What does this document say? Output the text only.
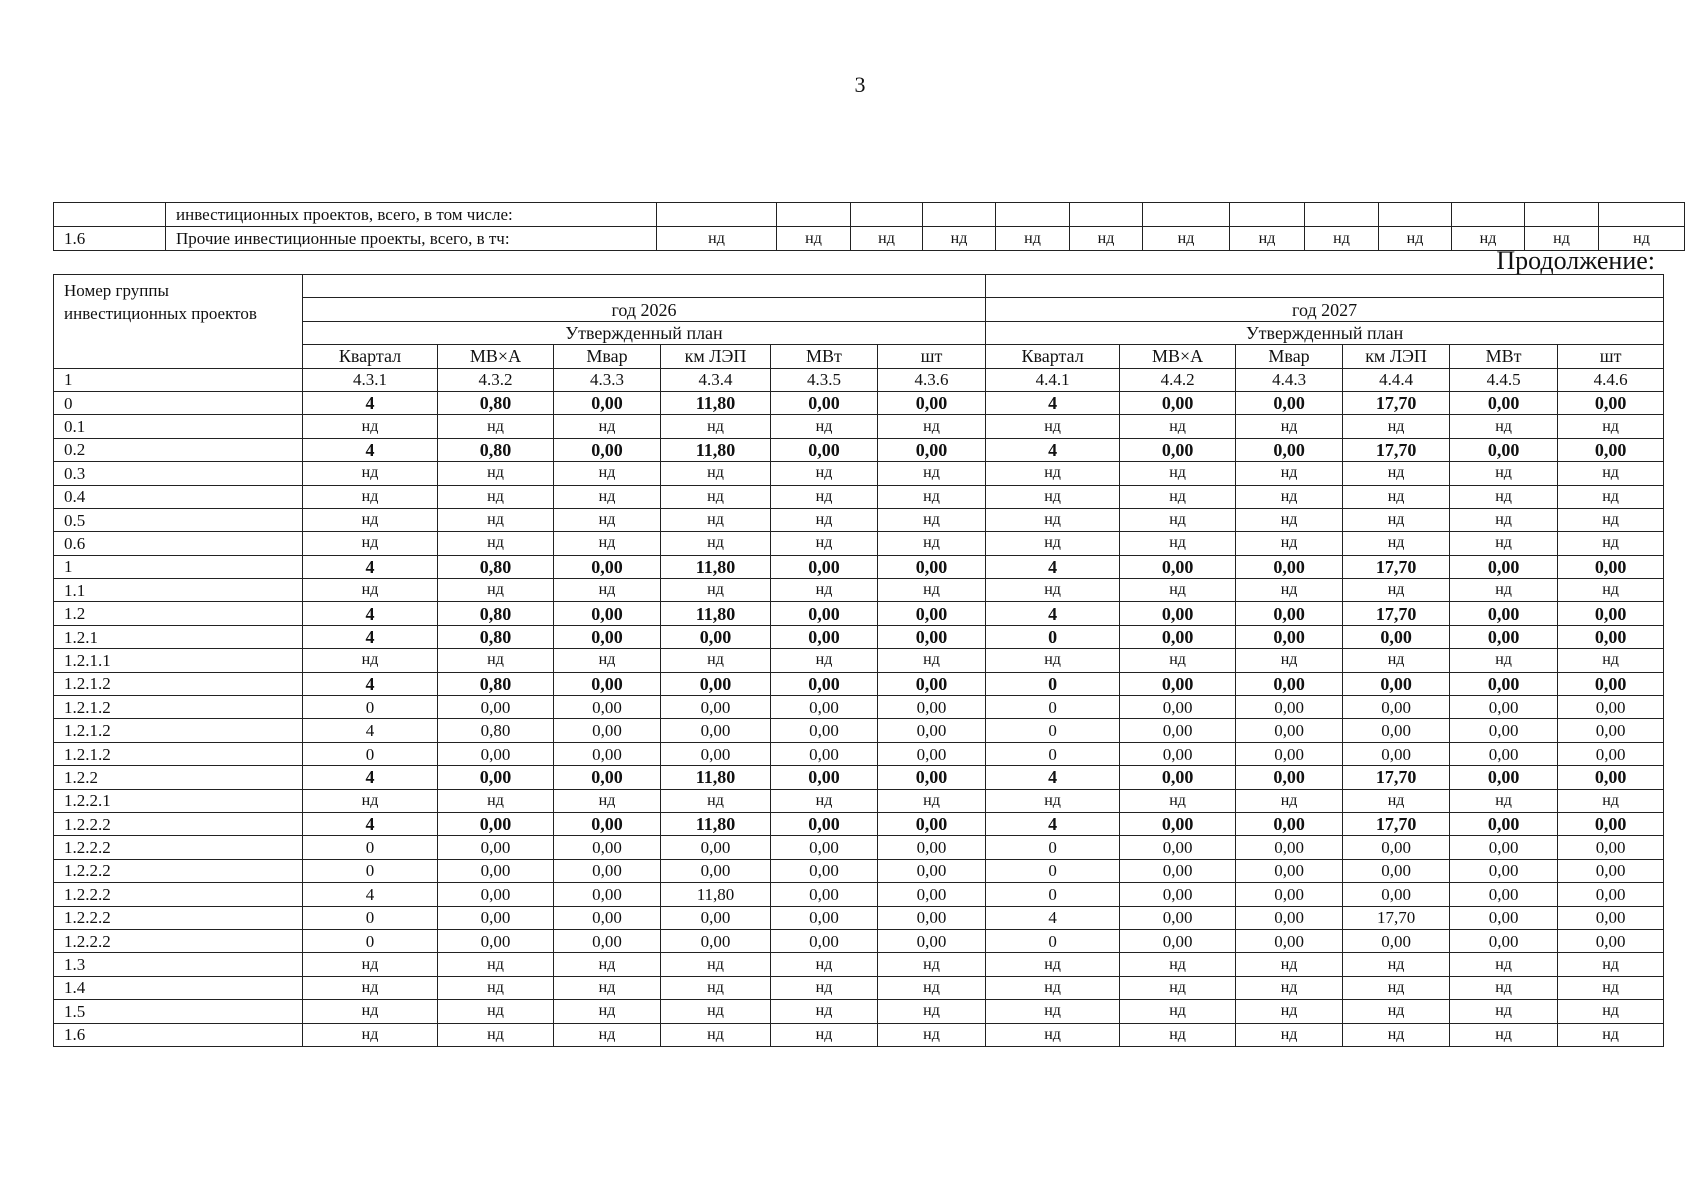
3
	инвестиционных проектов, всего, в том числе:													
1.6	Прочие инвестиционные проекты, всего, в тч:	нд	нд	нд	нд	нд	нд	нд	нд	нд	нд	нд	нд	нд
Продолжение:
Номер группы инвестиционных проектов												
	год 2026						год 2027					
	Утвержденный план						Утвержденный план					
	Квартал	МВ×А	Мвар	км ЛЭП	МВт	шт	Квартал	МВ×А	Мвар	км ЛЭП	МВт	шт
1	4.3.1	4.3.2	4.3.3	4.3.4	4.3.5	4.3.6	4.4.1	4.4.2	4.4.3	4.4.4	4.4.5	4.4.6
0	4	0,80	0,00	11,80	0,00	0,00	4	0,00	0,00	17,70	0,00	0,00
0.1	нд	нд	нд	нд	нд	нд	нд	нд	нд	нд	нд	нд
0.2	4	0,80	0,00	11,80	0,00	0,00	4	0,00	0,00	17,70	0,00	0,00
0.3	нд	нд	нд	нд	нд	нд	нд	нд	нд	нд	нд	нд
0.4	нд	нд	нд	нд	нд	нд	нд	нд	нд	нд	нд	нд
0.5	нд	нд	нд	нд	нд	нд	нд	нд	нд	нд	нд	нд
0.6	нд	нд	нд	нд	нд	нд	нд	нд	нд	нд	нд	нд
1	4	0,80	0,00	11,80	0,00	0,00	4	0,00	0,00	17,70	0,00	0,00
1.1	нд	нд	нд	нд	нд	нд	нд	нд	нд	нд	нд	нд
1.2	4	0,80	0,00	11,80	0,00	0,00	4	0,00	0,00	17,70	0,00	0,00
1.2.1	4	0,80	0,00	0,00	0,00	0,00	0	0,00	0,00	0,00	0,00	0,00
1.2.1.1	нд	нд	нд	нд	нд	нд	нд	нд	нд	нд	нд	нд
1.2.1.2	4	0,80	0,00	0,00	0,00	0,00	0	0,00	0,00	0,00	0,00	0,00
1.2.1.2	0	0,00	0,00	0,00	0,00	0,00	0	0,00	0,00	0,00	0,00	0,00
1.2.1.2	4	0,80	0,00	0,00	0,00	0,00	0	0,00	0,00	0,00	0,00	0,00
1.2.1.2	0	0,00	0,00	0,00	0,00	0,00	0	0,00	0,00	0,00	0,00	0,00
1.2.2	4	0,00	0,00	11,80	0,00	0,00	4	0,00	0,00	17,70	0,00	0,00
1.2.2.1	нд	нд	нд	нд	нд	нд	нд	нд	нд	нд	нд	нд
1.2.2.2	4	0,00	0,00	11,80	0,00	0,00	4	0,00	0,00	17,70	0,00	0,00
1.2.2.2	0	0,00	0,00	0,00	0,00	0,00	0	0,00	0,00	0,00	0,00	0,00
1.2.2.2	0	0,00	0,00	0,00	0,00	0,00	0	0,00	0,00	0,00	0,00	0,00
1.2.2.2	4	0,00	0,00	11,80	0,00	0,00	0	0,00	0,00	0,00	0,00	0,00
1.2.2.2	0	0,00	0,00	0,00	0,00	0,00	4	0,00	0,00	17,70	0,00	0,00
1.2.2.2	0	0,00	0,00	0,00	0,00	0,00	0	0,00	0,00	0,00	0,00	0,00
1.3	нд	нд	нд	нд	нд	нд	нд	нд	нд	нд	нд	нд
1.4	нд	нд	нд	нд	нд	нд	нд	нд	нд	нд	нд	нд
1.5	нд	нд	нд	нд	нд	нд	нд	нд	нд	нд	нд	нд
1.6	нд	нд	нд	нд	нд	нд	нд	нд	нд	нд	нд	нд
